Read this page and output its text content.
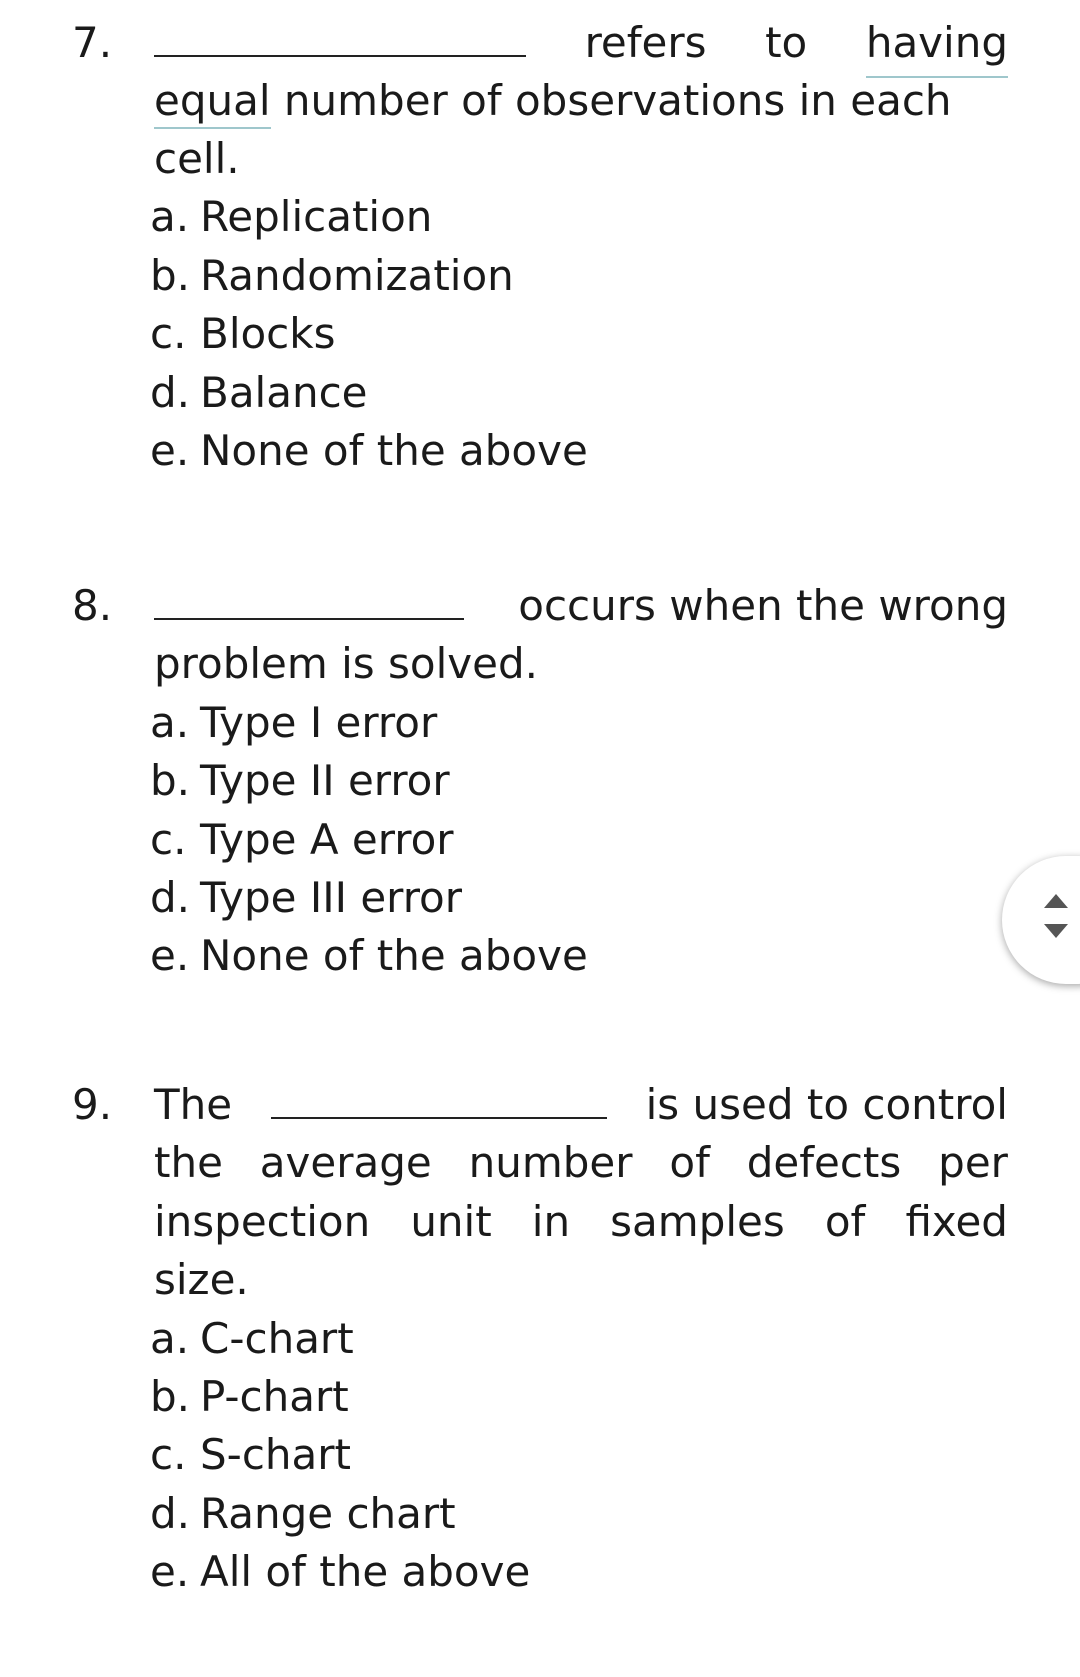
7.	refers to having
equal number of observations in each
cell.
a. Replication
b. Randomization
c. Blocks
d. Balance
e. None of the above
8.	occurs when the wrong
problem is solved.
a. Type I error
b. Type II error
c. Type A error
d. Type III error
e. None of the above
9. The	is used to control
the average number of defects per
inspection unit in samples of fixed
size.
a. C-chart
b. P-chart
c. S-chart
d. Range chart
e. All of the above
